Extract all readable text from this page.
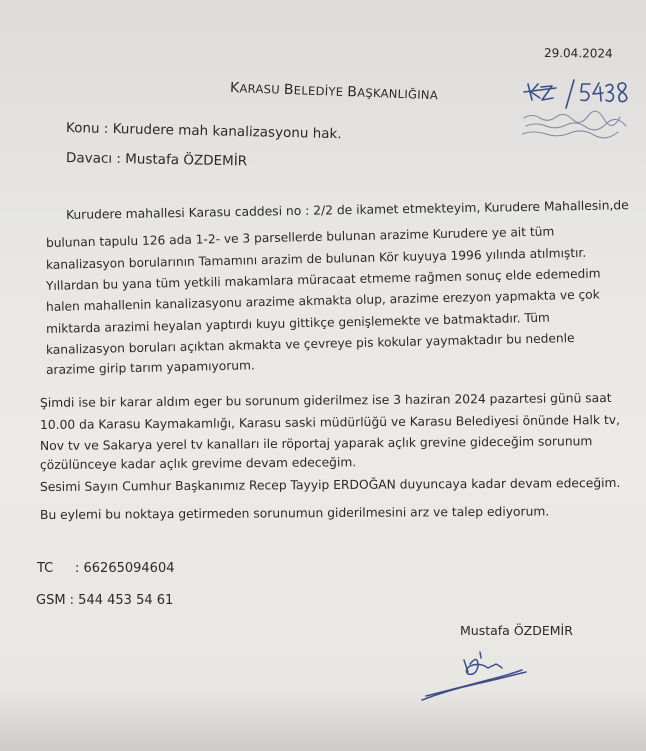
29.04.2024
KARASU BELEDİYE BAŞKANLIĞINA
Konu : Kurudere mah kanalizasyonu hak.
Davacı : Mustafa ÖZDEMİR
Kurudere mahallesi Karasu caddesi no : 2/2 de ikamet etmekteyim, Kurudere Mahallesin,de
bulunan tapulu 126 ada 1-2- ve 3 parsellerde bulunan arazime Kurudere ye ait tüm
kanalizasyon borularının Tamamını arazim de bulunan Kör kuyuya 1996 yılında atılmıştır.
Yıllardan bu yana tüm yetkili makamlara müracaat etmeme rağmen sonuç elde edemedim
halen mahallenin kanalizasyonu arazime akmakta olup, arazime erezyon yapmakta ve çok
miktarda arazimi heyalan yaptırdı kuyu gittikçe genişlemekte ve batmaktadır. Tüm
kanalizasyon boruları açıktan akmakta ve çevreye pis kokular yaymaktadır bu nedenle
arazime girip tarım yapamıyorum.
Şimdi ise bir karar aldım eger bu sorunum giderilmez ise 3 haziran 2024 pazartesi günü saat
10.00 da Karasu Kaymakamlığı, Karasu saski müdürlüğü ve Karasu Belediyesi önünde Halk tv,
Nov tv ve Sakarya yerel tv kanalları ile röportaj yaparak açlık grevine gideceğim sorunum
çözülünceye kadar açlık grevime devam edeceğim.
Sesimi Sayın Cumhur Başkanımız Recep Tayyip ERDOĞAN duyuncaya kadar devam edeceğim.
Bu eylemi bu noktaya getirmeden sorunumun giderilmesini arz ve talep ediyorum.
TC : 66265094604
GSM : 544 453 54 61
Mustafa ÖZDEMİR
